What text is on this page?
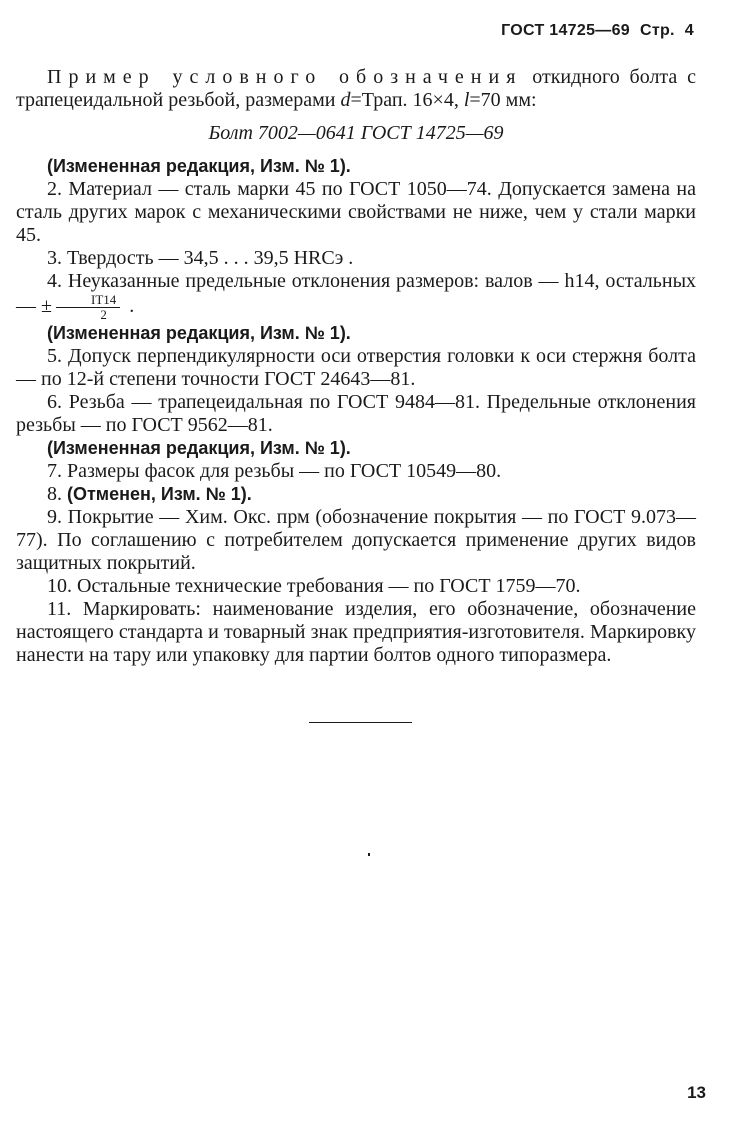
ГОСТ 14725—69 Стр. 4

Пример условного обозначения откидного болта с трапецеидальной резьбой, размерами d=Трап. 16×4, l=70 мм:

Болт 7002—0641 ГОСТ 14725—69

(Измененная редакция, Изм. № 1).

2. Материал — сталь марки 45 по ГОСТ 1050—74. Допускается замена на сталь других марок с механическими свойствами не ниже, чем у стали марки 45.

3. Твердость — 34,5 . . . 39,5 HRCэ .

4. Неуказанные предельные отклонения размеров: валов — h14, остальных — ± $\frac{IT14}{2}$ .

(Измененная редакция, Изм. № 1).

5. Допуск перпендикулярности оси отверстия головки к оси стержня болта — по 12-й степени точности ГОСТ 24643—81.

6. Резьба — трапецеидальная по ГОСТ 9484—81. Предельные отклонения резьбы — по ГОСТ 9562—81.

(Измененная редакция, Изм. № 1).

7. Размеры фасок для резьбы — по ГОСТ 10549—80.

8. (Отменен, Изм. № 1).

9. Покрытие — Хим. Окс. прм (обозначение покрытия — по ГОСТ 9.073—77). По соглашению с потребителем допускается применение других видов защитных покрытий.

10. Остальные технические требования — по ГОСТ 1759—70.

11. Маркировать: наименование изделия, его обозначение, обозначение настоящего стандарта и товарный знак предприятия-изготовителя. Маркировку нанести на тару или упаковку для партии болтов одного типоразмера.

13
